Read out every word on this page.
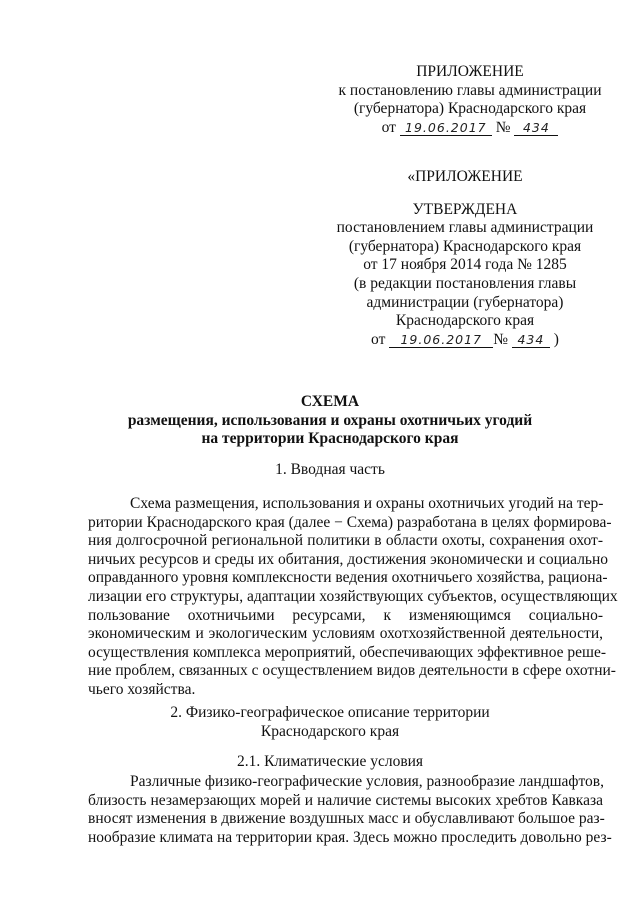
ПРИЛОЖЕНИЕ
к постановлению главы администрации
(губернатора) Краснодарского края
от 19.06.2017 № 434
«ПРИЛОЖЕНИЕ
УТВЕРЖДЕНА
постановлением главы администрации
(губернатора) Краснодарского края
от 17 ноября 2014 года № 1285
(в редакции постановления главы
администрации (губернатора)
Краснодарского края
от 19.06.2017 № 434 )
СХЕМА
размещения, использования и охраны охотничьих угодий
на территории Краснодарского края
1. Вводная часть

Схема размещения, использования и охраны охотничьих угодий на тер-

ритории Краснодарского края (далее − Схема) разработана в целях формирова-

ния долгосрочной региональной политики в области охоты, сохранения охот-

ничьих ресурсов и среды их обитания, достижения экономически и социально

оправданного уровня комплексности ведения охотничьего хозяйства, рациона-

лизации его структуры, адаптации хозяйствующих субъектов, осуществляющих

пользование охотничьими ресурсами, к изменяющимся социально-

экономическим и экологическим условиям охотхозяйственной деятельности,

осуществления комплекса мероприятий, обеспечивающих эффективное реше-

ние проблем, связанных с осуществлением видов деятельности в сфере охотни-

чьего хозяйства.

2. Физико-географическое описание территории
Краснодарского края
2.1. Климатические условия

Различные физико-географические условия, разнообразие ландшафтов,

близость незамерзающих морей и наличие системы высоких хребтов Кавказа

вносят изменения в движение воздушных масс и обуславливают большое раз-

нообразие климата на территории края. Здесь можно проследить довольно рез-
